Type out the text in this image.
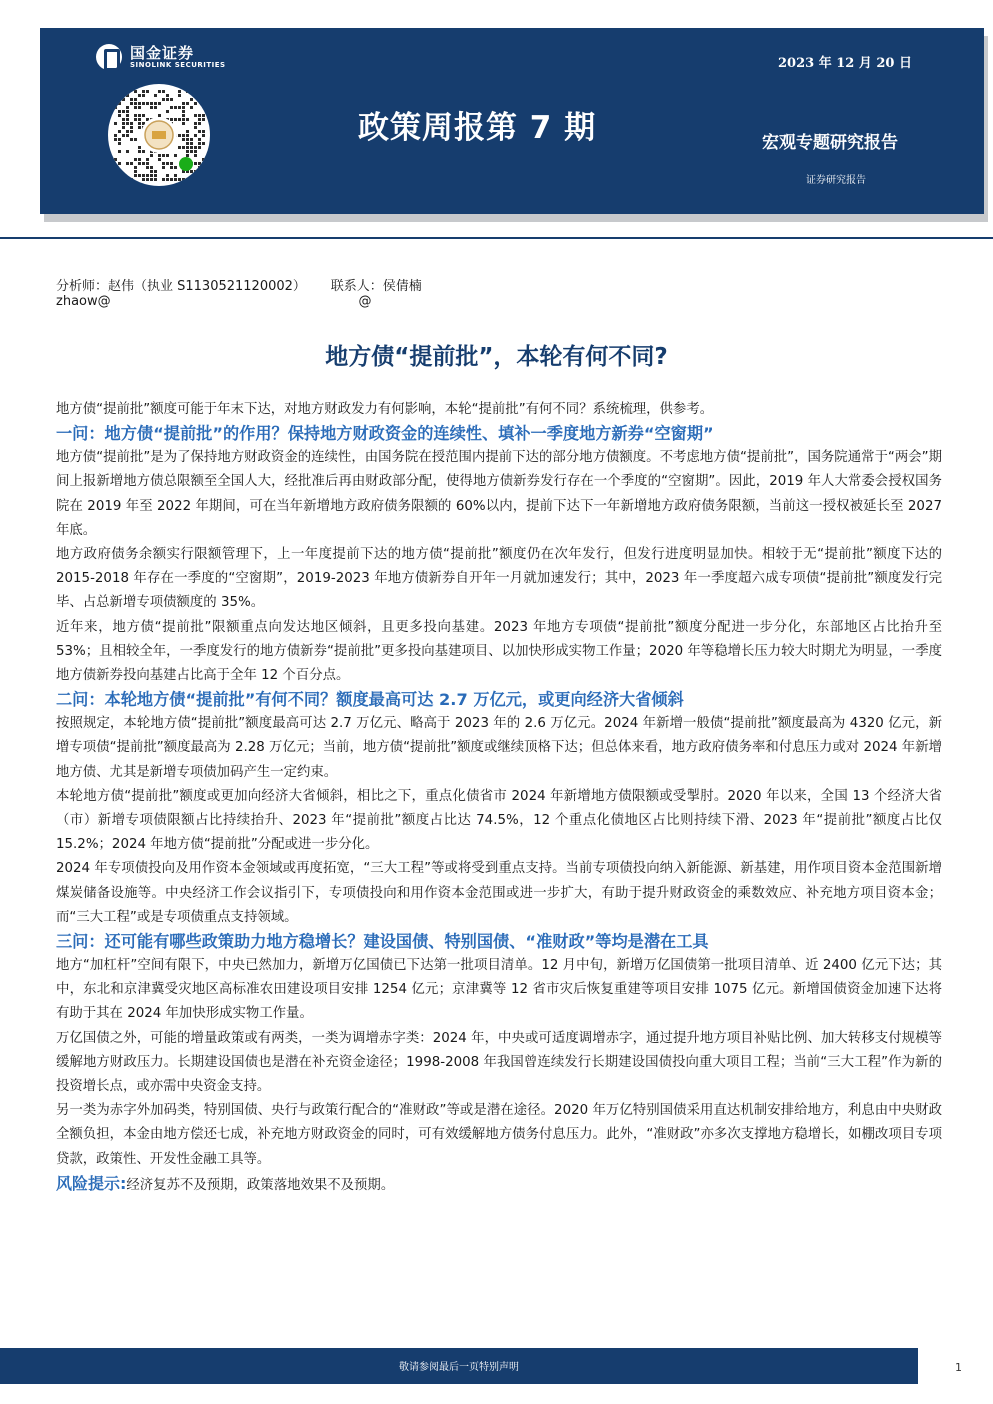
国金证券
SINOLINK SECURITIES	2023 年 12 月 20 日
政策周报第 7 期	宏观专题研究报告
证券研究报告
分析师：赵伟（执业 S1130521120002）      联系人：侯倩楠
zhaow@                                                            @
地方债“提前批”，本轮有何不同?

地方债“提前批”额度可能于年末下达，对地方财政发力有何影响，本轮“提前批”有何不同？系统梳理，供参考。

一问：地方债“提前批”的作用？保持地方财政资金的连续性、填补一季度地方新券“空窗期”

地方债“提前批”是为了保持地方财政资金的连续性，由国务院在授范围内提前下达的部分地方债额度。不考虑地方债“提前批”，国务院通常于“两会”期间上报新增地方债总限额至全国人大，经批准后再由财政部分配，使得地方债新券发行存在一个季度的“空窗期”。因此，2019 年人大常委会授权国务院在 2019 年至 2022 年期间，可在当年新增地方政府债务限额的 60%以内，提前下达下一年新增地方政府债务限额，当前这一授权被延长至 2027 年底。

地方政府债务余额实行限额管理下，上一年度提前下达的地方债“提前批”额度仍在次年发行，但发行进度明显加快。相较于无“提前批”额度下达的 2015-2018 年存在一季度的“空窗期”，2019-2023 年地方债新券自开年一月就加速发行；其中，2023 年一季度超六成专项债“提前批”额度发行完毕、占总新增专项债额度的 35%。

近年来，地方债“提前批”限额重点向发达地区倾斜，且更多投向基建。2023 年地方专项债“提前批”额度分配进一步分化，东部地区占比抬升至 53%；且相较全年，一季度发行的地方债新券“提前批”更多投向基建项目、以加快形成实物工作量；2020 年等稳增长压力较大时期尤为明显，一季度地方债新券投向基建占比高于全年 12 个百分点。

二问：本轮地方债“提前批”有何不同？额度最高可达 2.7 万亿元，或更向经济大省倾斜

按照规定，本轮地方债“提前批”额度最高可达 2.7 万亿元、略高于 2023 年的 2.6 万亿元。2024 年新增一般债“提前批”额度最高为 4320 亿元，新增专项债“提前批”额度最高为 2.28 万亿元；当前，地方债“提前批”额度或继续顶格下达；但总体来看，地方政府债务率和付息压力或对 2024 年新增地方债、尤其是新增专项债加码产生一定约束。

本轮地方债“提前批”额度或更加向经济大省倾斜，相比之下，重点化债省市 2024 年新增地方债限额或受掣肘。2020 年以来，全国 13 个经济大省（市）新增专项债限额占比持续抬升、2023 年“提前批”额度占比达 74.5%，12 个重点化债地区占比则持续下滑、2023 年“提前批”额度占比仅 15.2%；2024 年地方债“提前批”分配或进一步分化。

2024 年专项债投向及用作资本金领域或再度拓宽，“三大工程”等或将受到重点支持。当前专项债投向纳入新能源、新基建，用作项目资本金范围新增煤炭储备设施等。中央经济工作会议指引下，专项债投向和用作资本金范围或进一步扩大，有助于提升财政资金的乘数效应、补充地方项目资本金；而“三大工程”或是专项债重点支持领域。

三问：还可能有哪些政策助力地方稳增长？建设国债、特别国债、“准财政”等均是潜在工具

地方“加杠杆”空间有限下，中央已然加力，新增万亿国债已下达第一批项目清单。12 月中旬，新增万亿国债第一批项目清单、近 2400 亿元下达；其中，东北和京津冀受灾地区高标准农田建设项目安排 1254 亿元；京津冀等 12 省市灾后恢复重建等项目安排 1075 亿元。新增国债资金加速下达将有助于其在 2024 年加快形成实物工作量。

万亿国债之外，可能的增量政策或有两类，一类为调增赤字类：2024 年，中央或可适度调增赤字，通过提升地方项目补贴比例、加大转移支付规模等缓解地方财政压力。长期建设国债也是潜在补充资金途径；1998-2008 年我国曾连续发行长期建设国债投向重大项目工程；当前“三大工程”作为新的投资增长点，或亦需中央资金支持。

另一类为赤字外加码类，特别国债、央行与政策行配合的“准财政”等或是潜在途径。2020 年万亿特别国债采用直达机制安排给地方，利息由中央财政全额负担，本金由地方偿还七成，补充地方财政资金的同时，可有效缓解地方债务付息压力。此外，“准财政”亦多次支撑地方稳增长，如棚改项目专项贷款，政策性、开发性金融工具等。

风险提示:经济复苏不及预期，政策落地效果不及预期。

敬请参阅最后一页特别声明	1
